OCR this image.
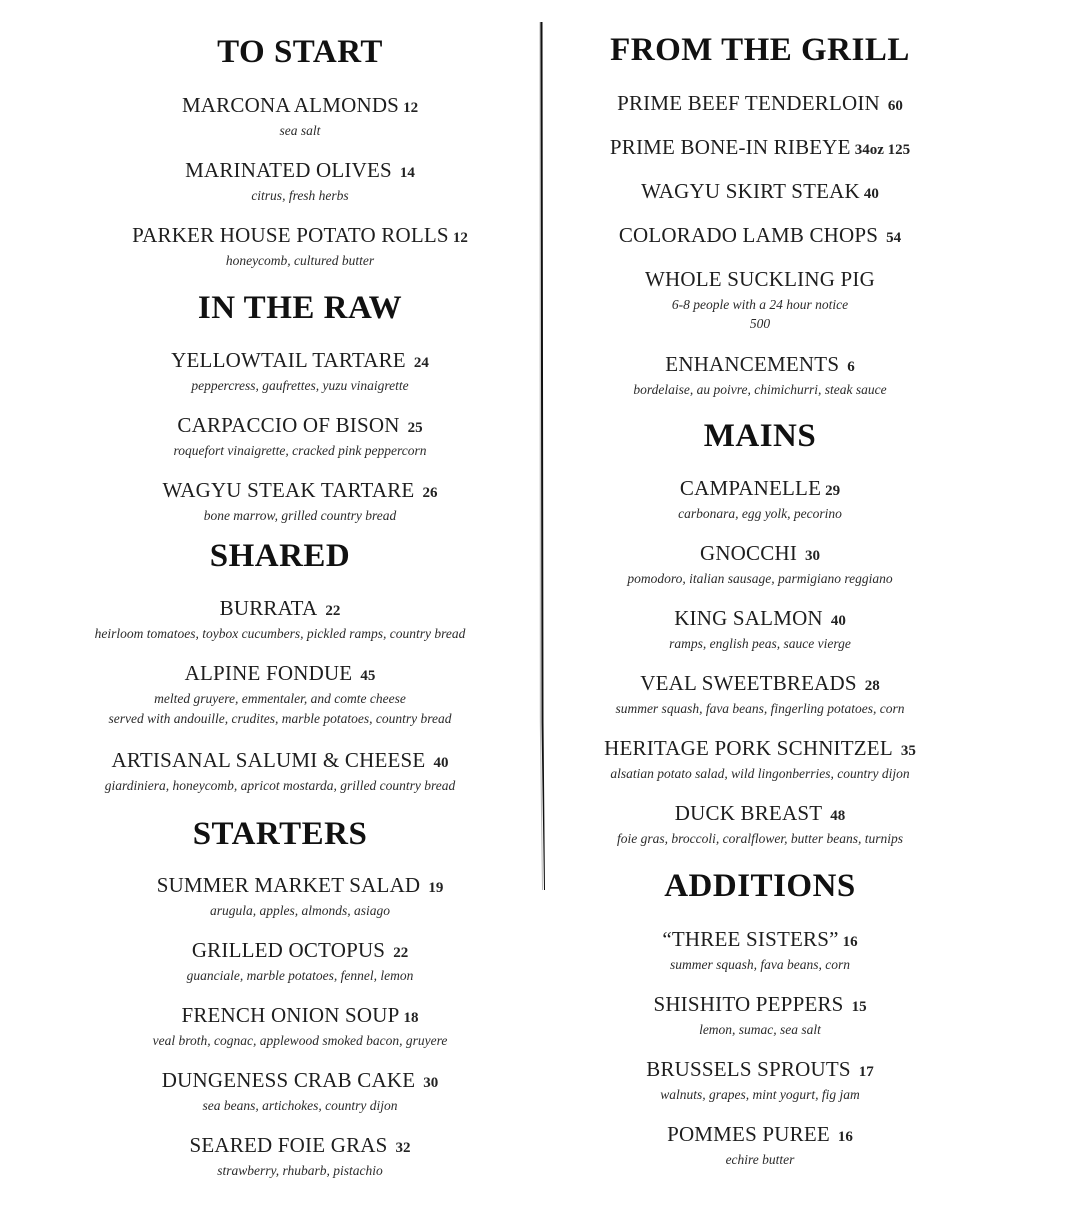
TO START
MARCONA ALMONDS 12
sea salt
MARINATED OLIVES 14
citrus, fresh herbs
PARKER HOUSE POTATO ROLLS 12
honeycomb, cultured butter
IN THE RAW
YELLOWTAIL TARTARE 24
peppercress, gaufrettes, yuzu vinaigrette
CARPACCIO OF BISON 25
roquefort vinaigrette, cracked pink peppercorn
WAGYU STEAK TARTARE 26
bone marrow, grilled country bread
SHARED
BURRATA 22
heirloom tomatoes, toybox cucumbers, pickled ramps, country bread
ALPINE FONDUE 45
melted gruyere, emmentaler, and comte cheese
served with andouille, crudites, marble potatoes, country bread
ARTISANAL SALUMI & CHEESE 40
giardiniera, honeycomb, apricot mostarda, grilled country bread
STARTERS
SUMMER MARKET SALAD 19
arugula, apples, almonds, asiago
GRILLED OCTOPUS 22
guanciale, marble potatoes, fennel, lemon
FRENCH ONION SOUP 18
veal broth, cognac, applewood smoked bacon, gruyere
DUNGENESS CRAB CAKE 30
sea beans, artichokes, country dijon
SEARED FOIE GRAS 32
strawberry, rhubarb, pistachio
FROM THE GRILL
PRIME BEEF TENDERLOIN 60
PRIME BONE-IN RIBEYE 34oz 125
WAGYU SKIRT STEAK 40
COLORADO LAMB CHOPS 54
WHOLE SUCKLING PIG
6-8 people with a 24 hour notice
500
ENHANCEMENTS 6
bordelaise, au poivre, chimichurri, steak sauce
MAINS
CAMPANELLE 29
carbonara, egg yolk, pecorino
GNOCCHI 30
pomodoro, italian sausage, parmigiano reggiano
KING SALMON 40
ramps, english peas, sauce vierge
VEAL SWEETBREADS 28
summer squash, fava beans, fingerling potatoes, corn
HERITAGE PORK SCHNITZEL 35
alsatian potato salad, wild lingonberries, country dijon
DUCK BREAST 48
foie gras, broccoli, coralflower, butter beans, turnips
ADDITIONS
“THREE SISTERS” 16
summer squash, fava beans, corn
SHISHITO PEPPERS 15
lemon, sumac, sea salt
BRUSSELS SPROUTS 17
walnuts, grapes, mint yogurt, fig jam
POMMES PUREE 16
echire butter
